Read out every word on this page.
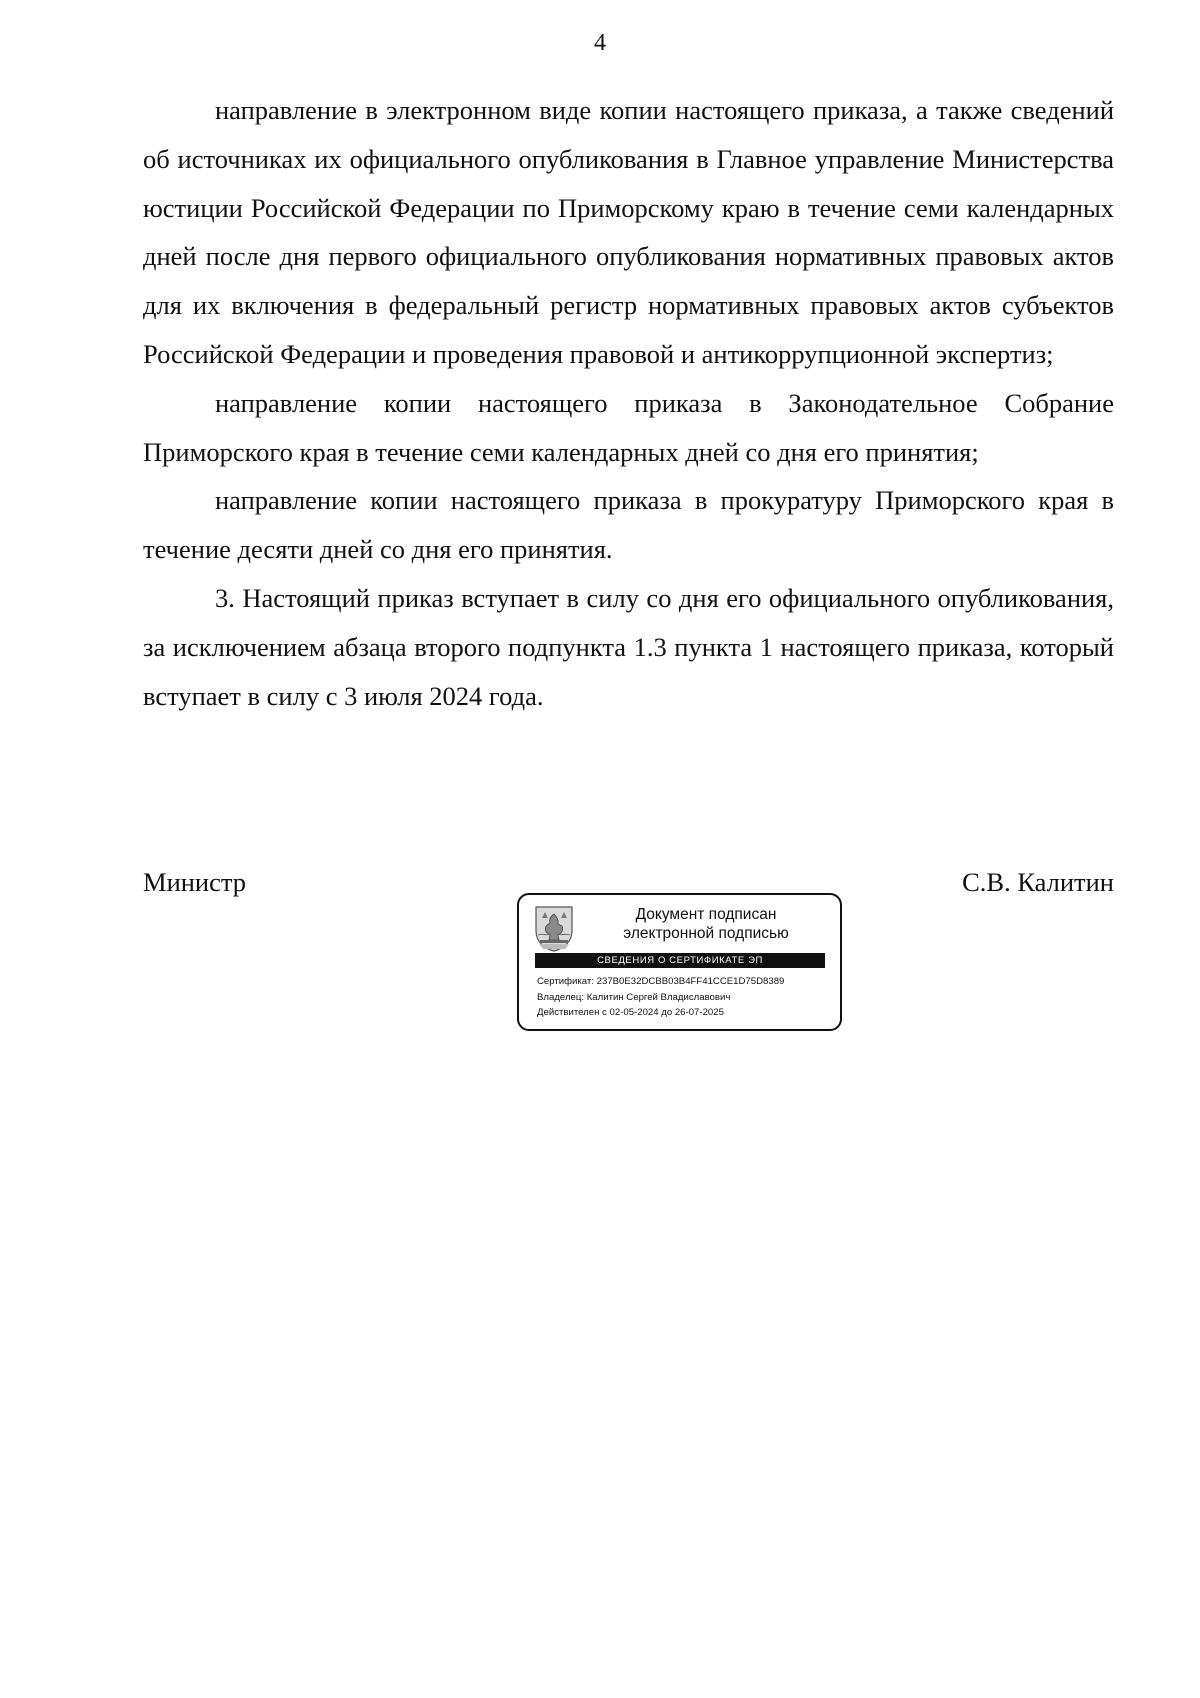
4

направление в электронном виде копии настоящего приказа, а также сведений об источниках их официального опубликования в Главное управление Министерства юстиции Российской Федерации по Приморскому краю в течение семи календарных дней после дня первого официального опубликования нормативных правовых актов для их включения в федеральный регистр нормативных правовых актов субъектов Российской Федерации и проведения правовой и антикоррупционной экспертиз;

направление копии настоящего приказа в Законодательное Собрание Приморского края в течение семи календарных дней со дня его принятия;

направление копии настоящего приказа в прокуратуру Приморского края в течение десяти дней со дня его принятия.

3. Настоящий приказ вступает в силу со дня его официального опубликования, за исключением абзаца второго подпункта 1.3 пункта 1 настоящего приказа, который вступает в силу с 3 июля 2024 года.

Министр	С.В. Калитин
Документ подписан
электронной подписью
СВЕДЕНИЯ О СЕРТИФИКАТЕ ЭП
Сертификат: 237B0E32DCBB03B4FF41CCE1D75D8389
Владелец: Калитин Сергей Владиславович
Действителен с 02-05-2024 до 26-07-2025
